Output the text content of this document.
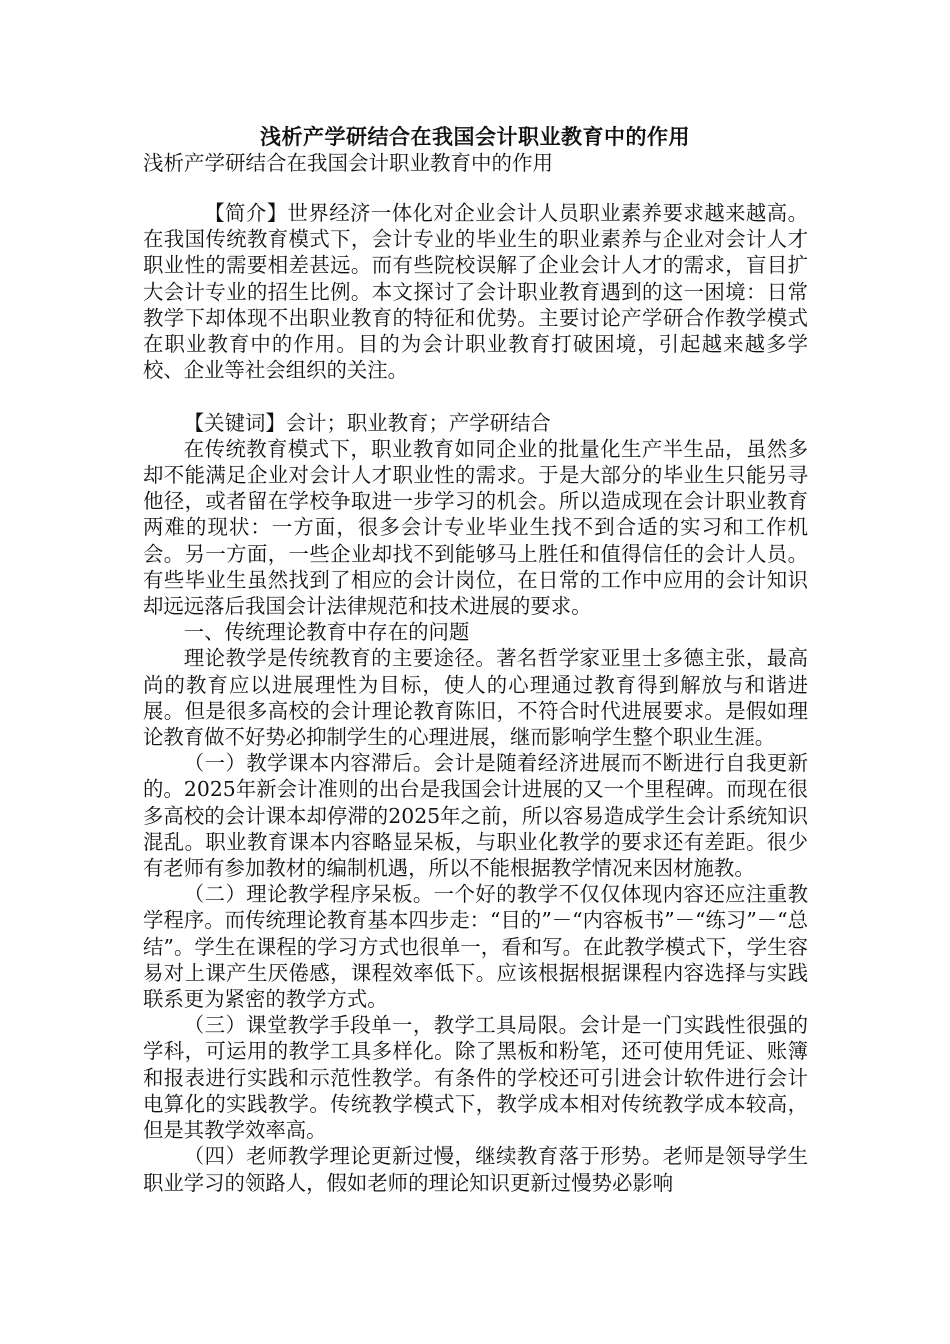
浅析产学研结合在我国会计职业教育中的作用
浅析产学研结合在我国会计职业教育中的作用

【简介】世界经济一体化对企业会计人员职业素养要求越来越高。在我国传统教育模式下，会计专业的毕业生的职业素养与企业对会计人才职业性的需要相差甚远。而有些院校误解了企业会计人才的需求，盲目扩大会计专业的招生比例。本文探讨了会计职业教育遇到的这一困境：日常教学下却体现不出职业教育的特征和优势。主要讨论产学研合作教学模式在职业教育中的作用。目的为会计职业教育打破困境，引起越来越多学校、企业等社会组织的关注。

【关键词】会计；职业教育；产学研结合

在传统教育模式下，职业教育如同企业的批量化生产半生品，虽然多却不能满足企业对会计人才职业性的需求。于是大部分的毕业生只能另寻他径，或者留在学校争取进一步学习的机会。所以造成现在会计职业教育两难的现状：一方面，很多会计专业毕业生找不到合适的实习和工作机会。另一方面，一些企业却找不到能够马上胜任和值得信任的会计人员。有些毕业生虽然找到了相应的会计岗位，在日常的工作中应用的会计知识却远远落后我国会计法律规范和技术进展的要求。

一、传统理论教育中存在的问题

理论教学是传统教育的主要途径。著名哲学家亚里士多德主张，最高尚的教育应以进展理性为目标，使人的心理通过教育得到解放与和谐进展。但是很多高校的会计理论教育陈旧，不符合时代进展要求。是假如理论教育做不好势必抑制学生的心理进展，继而影响学生整个职业生涯。

（一）教学课本内容滞后。会计是随着经济进展而不断进行自我更新的。2025年新会计准则的出台是我国会计进展的又一个里程碑。而现在很多高校的会计课本却停滞的2025年之前，所以容易造成学生会计系统知识混乱。职业教育课本内容略显呆板，与职业化教学的要求还有差距。很少有老师有参加教材的编制机遇，所以不能根据教学情况来因材施教。

（二）理论教学程序呆板。一个好的教学不仅仅体现内容还应注重教学程序。而传统理论教育基本四步走：“目的”－“内容板书”－“练习”－“总结”。学生在课程的学习方式也很单一，看和写。在此教学模式下，学生容易对上课产生厌倦感，课程效率低下。应该根据根据课程内容选择与实践联系更为紧密的教学方式。

（三）课堂教学手段单一，教学工具局限。会计是一门实践性很强的学科，可运用的教学工具多样化。除了黑板和粉笔，还可使用凭证、账簿和报表进行实践和示范性教学。有条件的学校还可引进会计软件进行会计电算化的实践教学。传统教学模式下，教学成本相对传统教学成本较高，但是其教学效率高。

（四）老师教学理论更新过慢，继续教育落于形势。老师是领导学生职业学习的领路人，假如老师的理论知识更新过慢势必影响
